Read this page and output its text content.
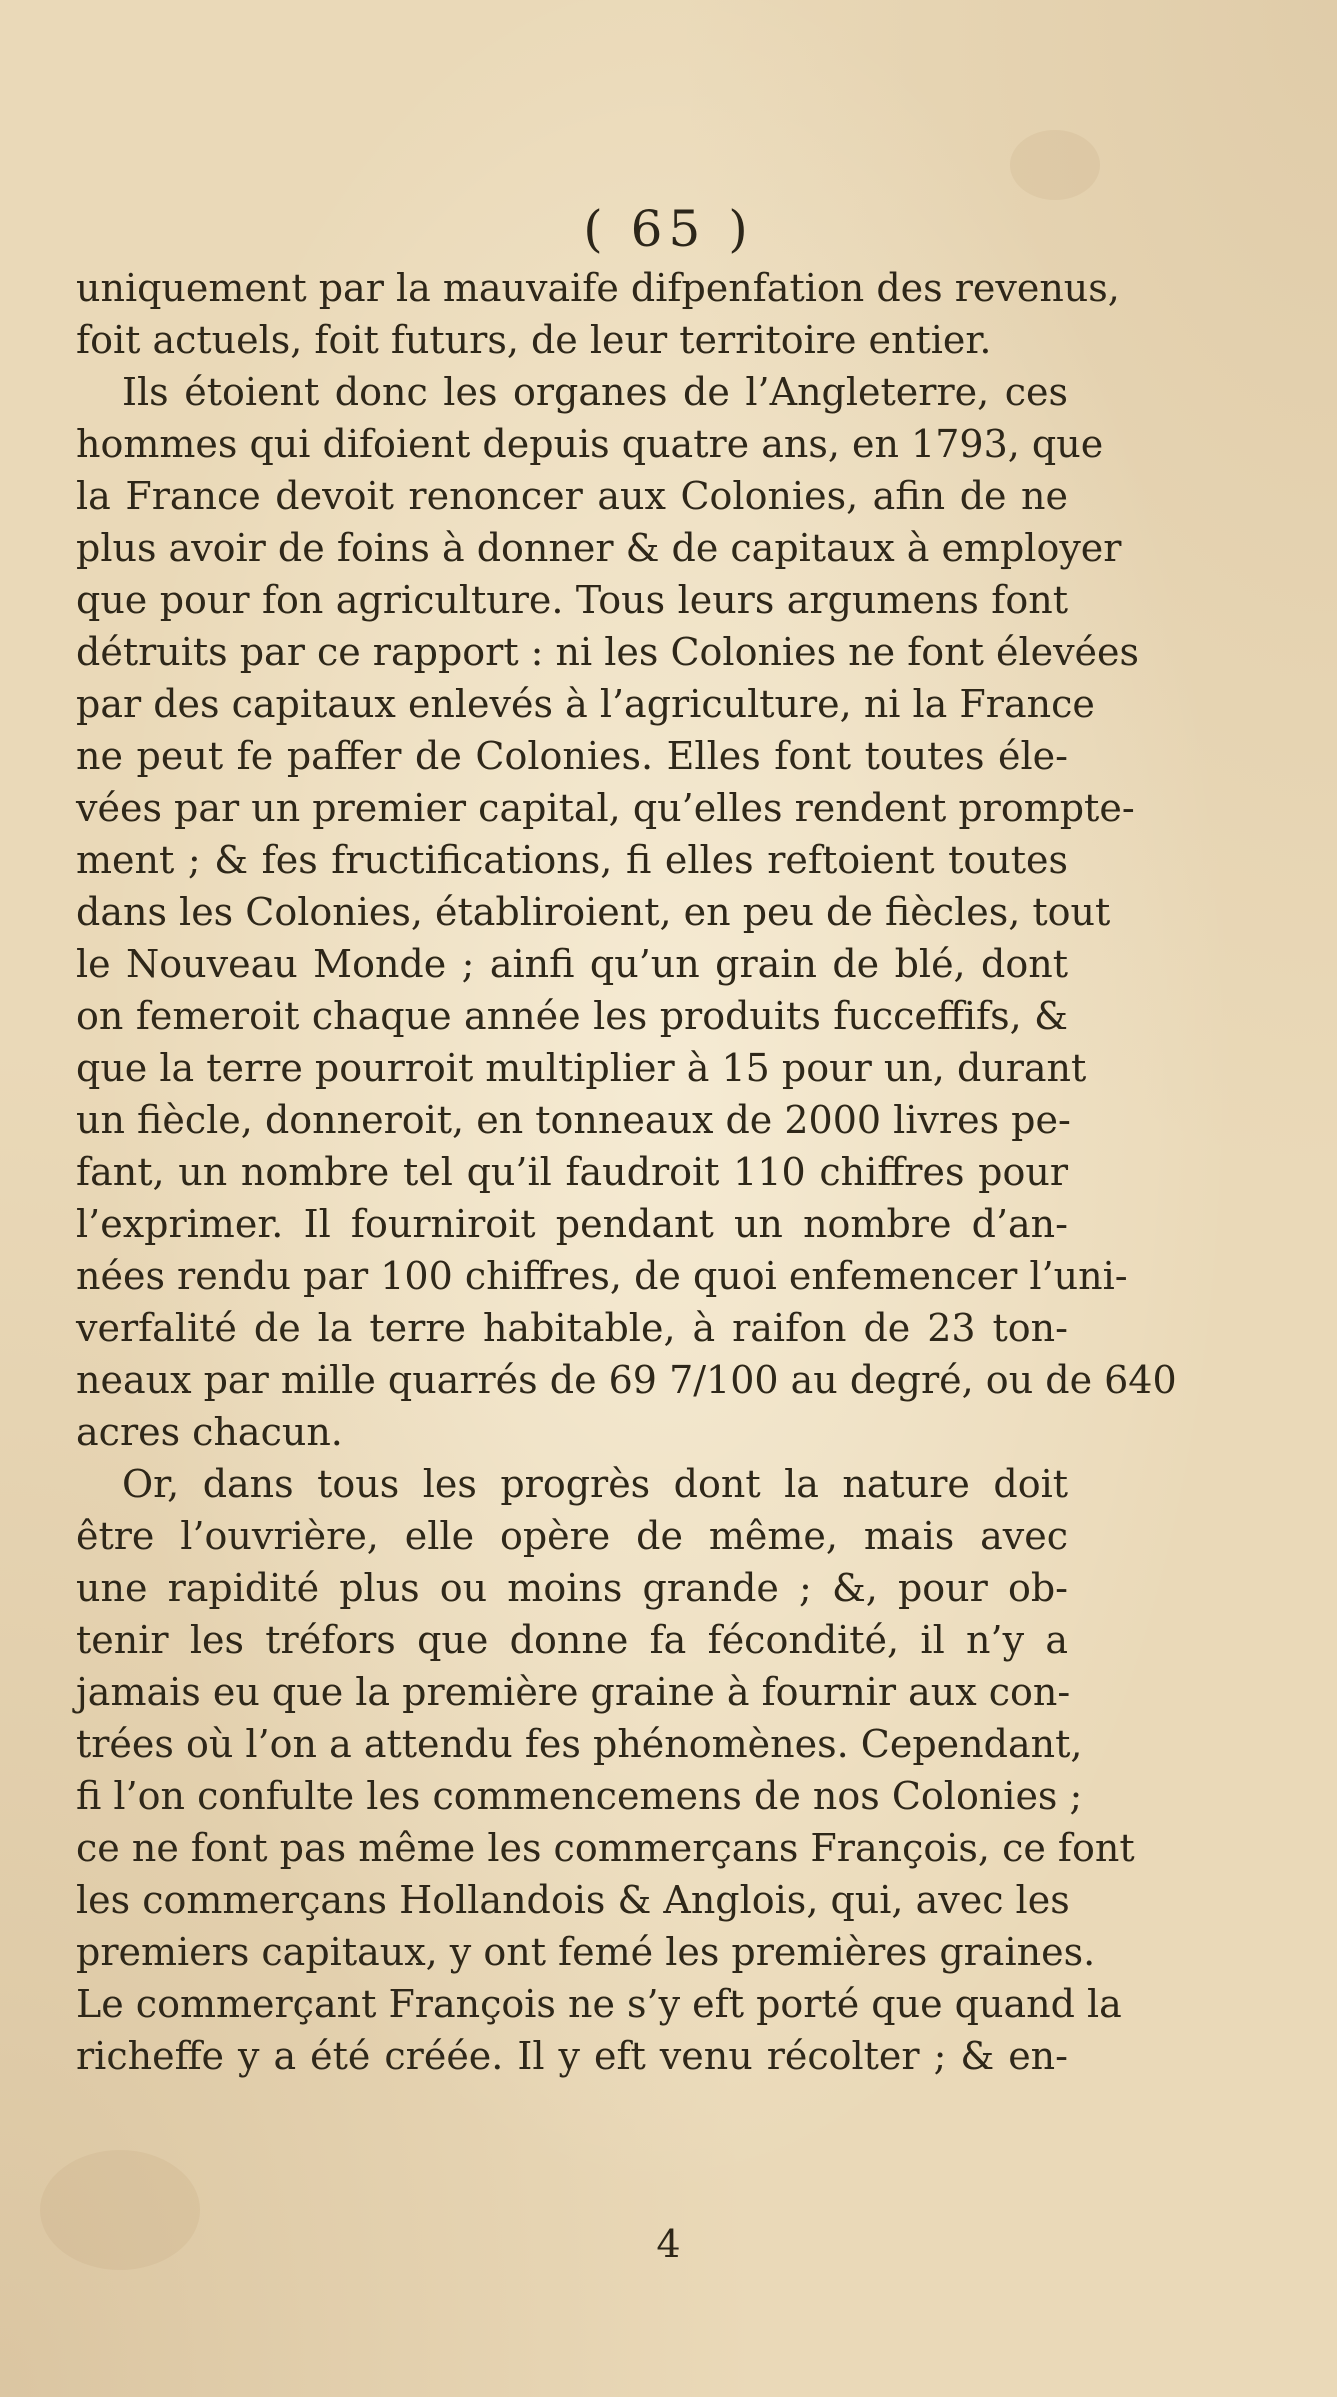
( 65 )
uniquement par la mauvaife difpenfation des revenus,
foit actuels, foit futurs, de leur territoire entier.
Ils étoient donc les organes de l’Angleterre, ces
hommes qui difoient depuis quatre ans, en 1793, que
la France devoit renoncer aux Colonies, afin de ne
plus avoir de foins à donner & de capitaux à employer
que pour fon agriculture. Tous leurs argumens font
détruits par ce rapport : ni les Colonies ne font élevées
par des capitaux enlevés à l’agriculture, ni la France
ne peut fe paffer de Colonies. Elles font toutes éle-
vées par un premier capital, qu’elles rendent prompte-
ment ; & fes fructifications, fi elles reftoient toutes
dans les Colonies, établiroient, en peu de fiècles, tout
le Nouveau Monde ; ainfi qu’un grain de blé, dont
on femeroit chaque année les produits fucceffifs, &
que la terre pourroit multiplier à 15 pour un, durant
un fiècle, donneroit, en tonneaux de 2000 livres pe-
fant, un nombre tel qu’il faudroit 110 chiffres pour
l’exprimer. Il fourniroit pendant un nombre d’an-
nées rendu par 100 chiffres, de quoi enfemencer l’uni-
verfalité de la terre habitable, à raifon de 23 ton-
neaux par mille quarrés de 69 7/100 au degré, ou de 640
acres chacun.
Or, dans tous les progrès dont la nature doit
être l’ouvrière, elle opère de même, mais avec
une rapidité plus ou moins grande ; &, pour ob-
tenir les tréfors que donne fa fécondité, il n’y a
jamais eu que la première graine à fournir aux con-
trées où l’on a attendu fes phénomènes. Cependant,
fi l’on confulte les commencemens de nos Colonies ;
ce ne font pas même les commerçans François, ce font
les commerçans Hollandois & Anglois, qui, avec les
premiers capitaux, y ont femé les premières graines.
Le commerçant François ne s’y eft porté que quand la
richeffe y a été créée. Il y eft venu récolter ; & en-
4
